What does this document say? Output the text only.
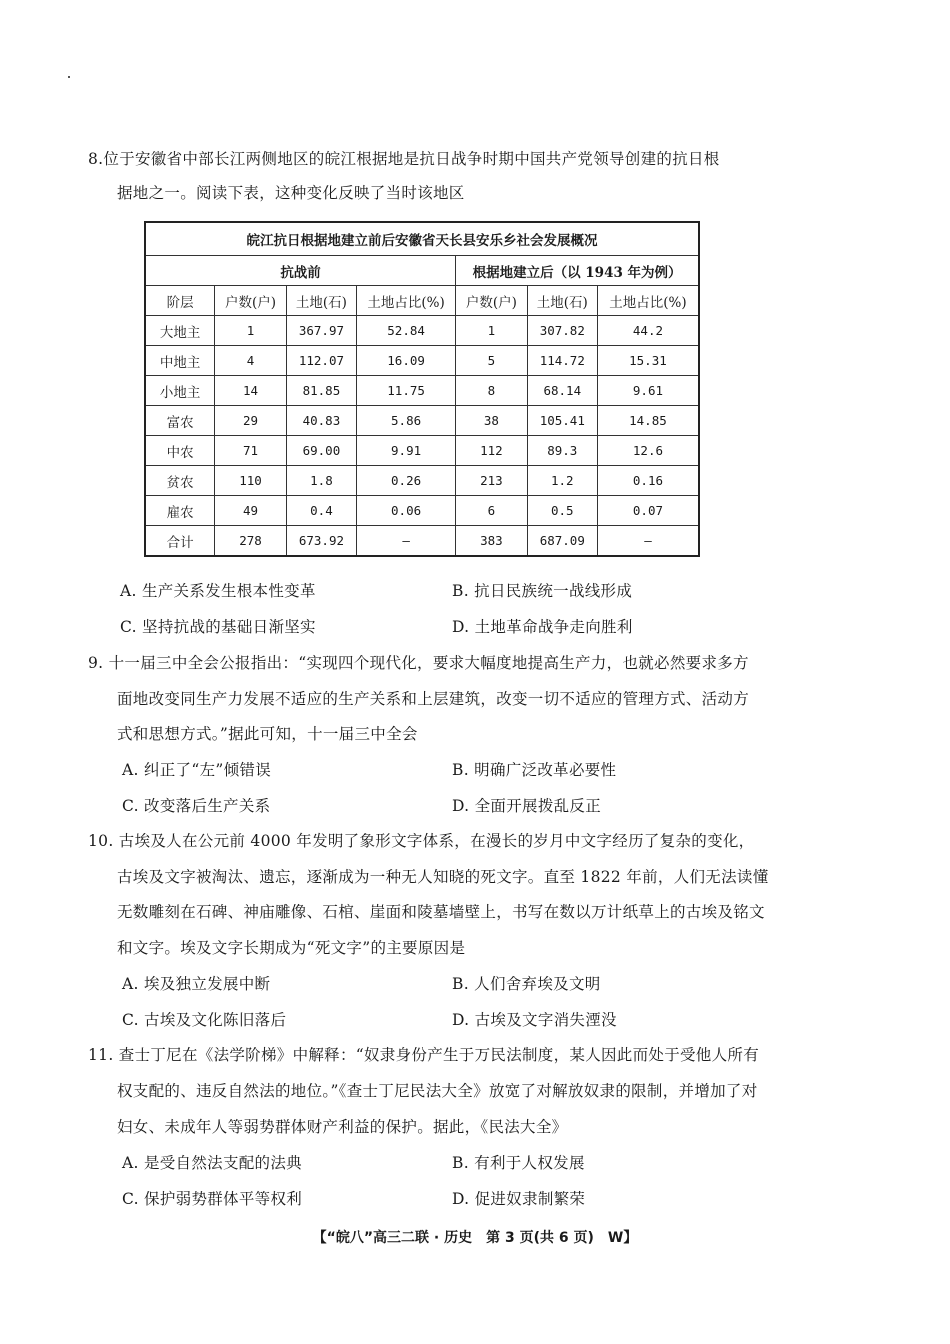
8.位于安徽省中部长江两侧地区的皖江根据地是抗日战争时期中国共产党领导创建的抗日根
据地之一。阅读下表，这种变化反映了当时该地区
皖江抗日根据地建立前后安徽省天长县安乐乡社会发展概况						
抗战前				根据地建立后（以 1943 年为例）		
阶层	户数(户)	土地(石)	土地占比(%)	户数(户)	土地(石)	土地占比(%)
大地主	1	367.97	52.84	1	307.82	44.2
中地主	4	112.07	16.09	5	114.72	15.31
小地主	14	81.85	11.75	8	68.14	9.61
富农	29	40.83	5.86	38	105.41	14.85
中农	71	69.00	9.91	112	89.3	12.6
贫农	110	1.8	0.26	213	1.2	0.16
雇农	49	0.4	0.06	6	0.5	0.07
合计	278	673.92	—	383	687.09	—
A. 生产关系发生根本性变革	B. 抗日民族统一战线形成
C. 坚持抗战的基础日渐坚实	D. 土地革命战争走向胜利
9. 十一届三中全会公报指出：“实现四个现代化，要求大幅度地提高生产力，也就必然要求多方
面地改变同生产力发展不适应的生产关系和上层建筑，改变一切不适应的管理方式、活动方
式和思想方式。”据此可知，十一届三中全会
A. 纠正了“左”倾错误	B. 明确广泛改革必要性
C. 改变落后生产关系	D. 全面开展拨乱反正
10. 古埃及人在公元前 4000 年发明了象形文字体系，在漫长的岁月中文字经历了复杂的变化，
古埃及文字被淘汰、遗忘，逐渐成为一种无人知晓的死文字。直至 1822 年前，人们无法读懂
无数雕刻在石碑、神庙雕像、石棺、崖面和陵墓墙壁上，书写在数以万计纸草上的古埃及铭文
和文字。埃及文字长期成为“死文字”的主要原因是
A. 埃及独立发展中断	B. 人们舍弃埃及文明
C. 古埃及文化陈旧落后	D. 古埃及文字消失湮没
11. 查士丁尼在《法学阶梯》中解释：“奴隶身份产生于万民法制度，某人因此而处于受他人所有
权支配的、违反自然法的地位。”《查士丁尼民法大全》放宽了对解放奴隶的限制，并增加了对
妇女、未成年人等弱势群体财产利益的保护。据此，《民法大全》
A. 是受自然法支配的法典	B. 有利于人权发展
C. 保护弱势群体平等权利	D. 促进奴隶制繁荣
【“皖八”高三二联 · 历史　第 3 页(共 6 页)　W】
